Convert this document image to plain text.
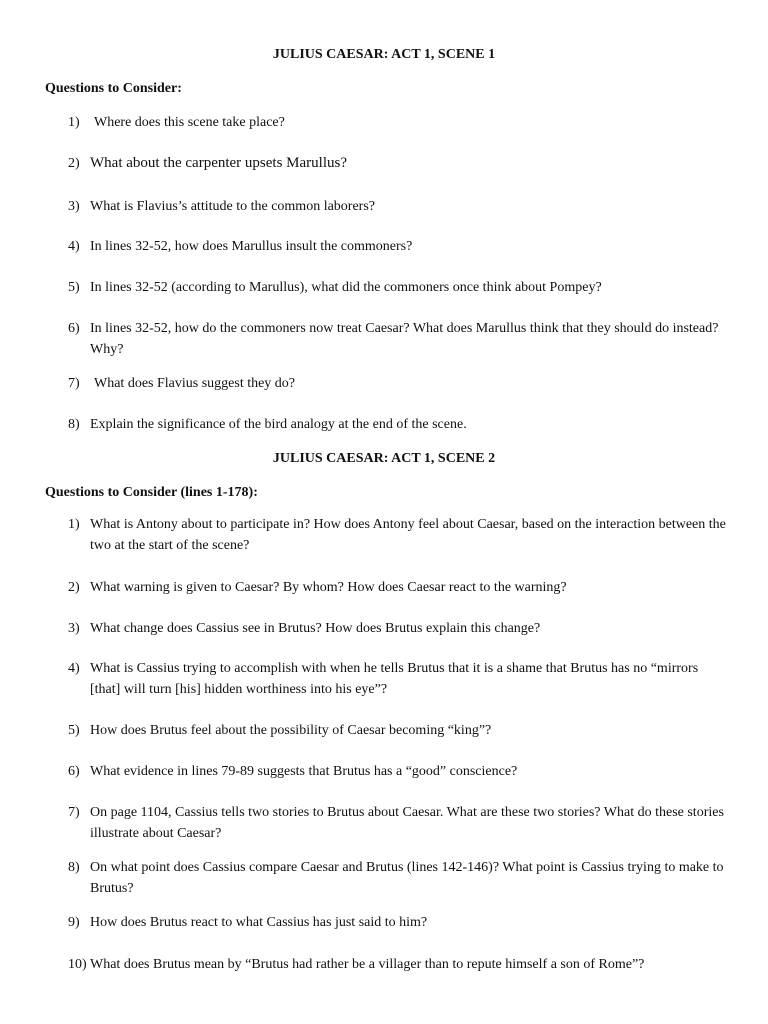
JULIUS CAESAR: ACT 1, SCENE 1
Questions to Consider:
1) Where does this scene take place?
2) What about the carpenter upsets Marullus?
3) What is Flavius’s attitude to the common laborers?
4) In lines 32-52, how does Marullus insult the commoners?
5) In lines 32-52 (according to Marullus), what did the commoners once think about Pompey?
6) In lines 32-52, how do the commoners now treat Caesar? What does Marullus think that they should do instead? Why?
7) What does Flavius suggest they do?
8) Explain the significance of the bird analogy at the end of the scene.
JULIUS CAESAR: ACT 1, SCENE 2
Questions to Consider (lines 1-178):
1) What is Antony about to participate in? How does Antony feel about Caesar, based on the interaction between the two at the start of the scene?
2) What warning is given to Caesar? By whom? How does Caesar react to the warning?
3) What change does Cassius see in Brutus? How does Brutus explain this change?
4) What is Cassius trying to accomplish with when he tells Brutus that it is a shame that Brutus has no “mirrors [that] will turn [his] hidden worthiness into his eye”?
5) How does Brutus feel about the possibility of Caesar becoming “king”?
6) What evidence in lines 79-89 suggests that Brutus has a “good” conscience?
7) On page 1104, Cassius tells two stories to Brutus about Caesar. What are these two stories? What do these stories illustrate about Caesar?
8) On what point does Cassius compare Caesar and Brutus (lines 142-146)? What point is Cassius trying to make to Brutus?
9) How does Brutus react to what Cassius has just said to him?
10) What does Brutus mean by “Brutus had rather be a villager than to repute himself a son of Rome”?
